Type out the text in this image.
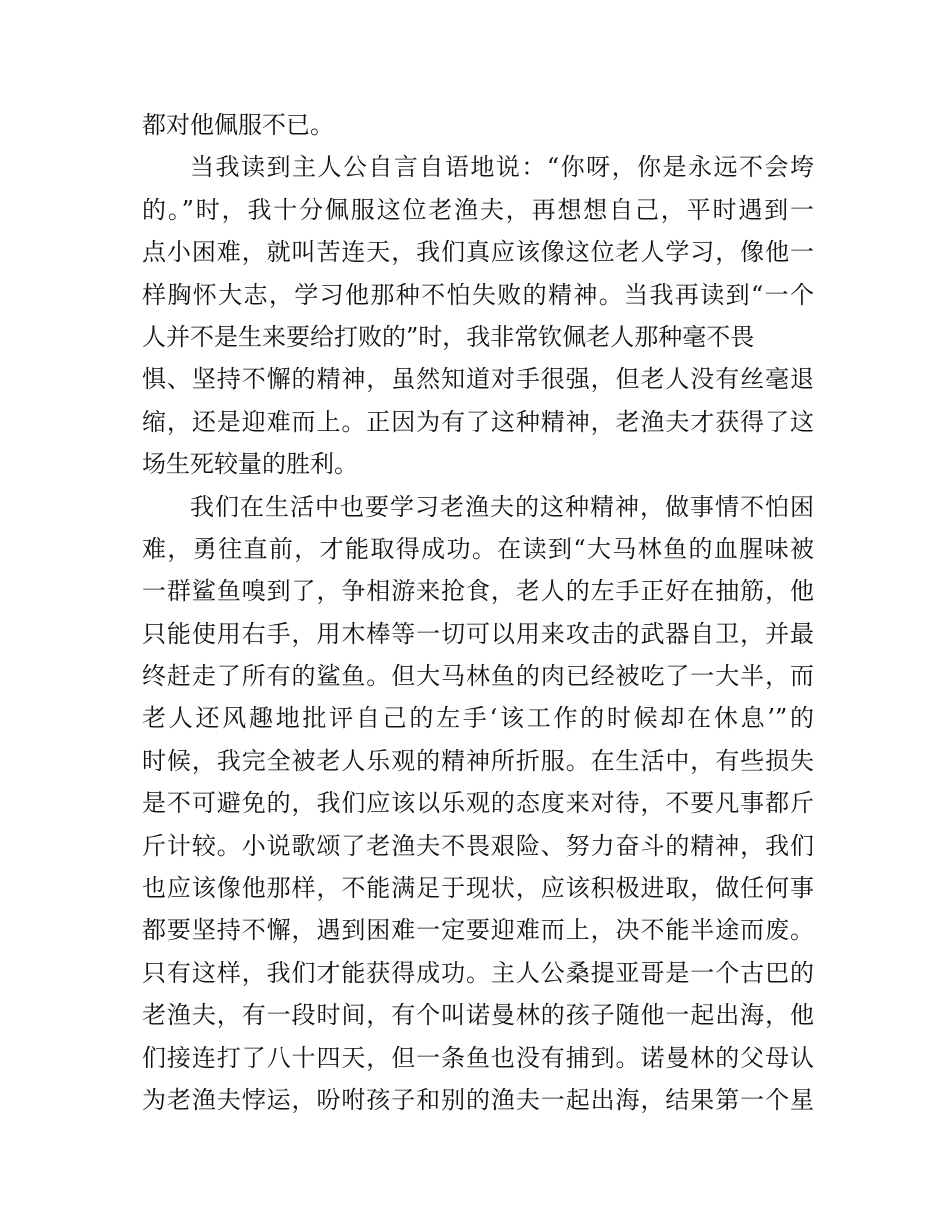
都对他佩服不已。
当我读到主人公自言自语地说：“你呀，你是永远不会垮
的。”时，我十分佩服这位老渔夫，再想想自己，平时遇到一
点小困难，就叫苦连天，我们真应该像这位老人学习，像他一
样胸怀大志，学习他那种不怕失败的精神。当我再读到“一个
人并不是生来要给打败的”时，我非常钦佩老人那种毫不畏
惧、坚持不懈的精神，虽然知道对手很强，但老人没有丝毫退
缩，还是迎难而上。正因为有了这种精神，老渔夫才获得了这
场生死较量的胜利。
我们在生活中也要学习老渔夫的这种精神，做事情不怕困
难，勇往直前，才能取得成功。在读到“大马林鱼的血腥味被
一群鲨鱼嗅到了，争相游来抢食，老人的左手正好在抽筋，他
只能使用右手，用木棒等一切可以用来攻击的武器自卫，并最
终赶走了所有的鲨鱼。但大马林鱼的肉已经被吃了一大半，而
老人还风趣地批评自己的左手‘该工作的时候却在休息’”的
时候，我完全被老人乐观的精神所折服。在生活中，有些损失
是不可避免的，我们应该以乐观的态度来对待，不要凡事都斤
斤计较。小说歌颂了老渔夫不畏艰险、努力奋斗的精神，我们
也应该像他那样，不能满足于现状，应该积极进取，做任何事
都要坚持不懈，遇到困难一定要迎难而上，决不能半途而废。
只有这样，我们才能获得成功。主人公桑提亚哥是一个古巴的
老渔夫，有一段时间，有个叫诺曼林的孩子随他一起出海，他
们接连打了八十四天，但一条鱼也没有捕到。诺曼林的父母认
为老渔夫悖运，吩咐孩子和别的渔夫一起出海，结果第一个星
